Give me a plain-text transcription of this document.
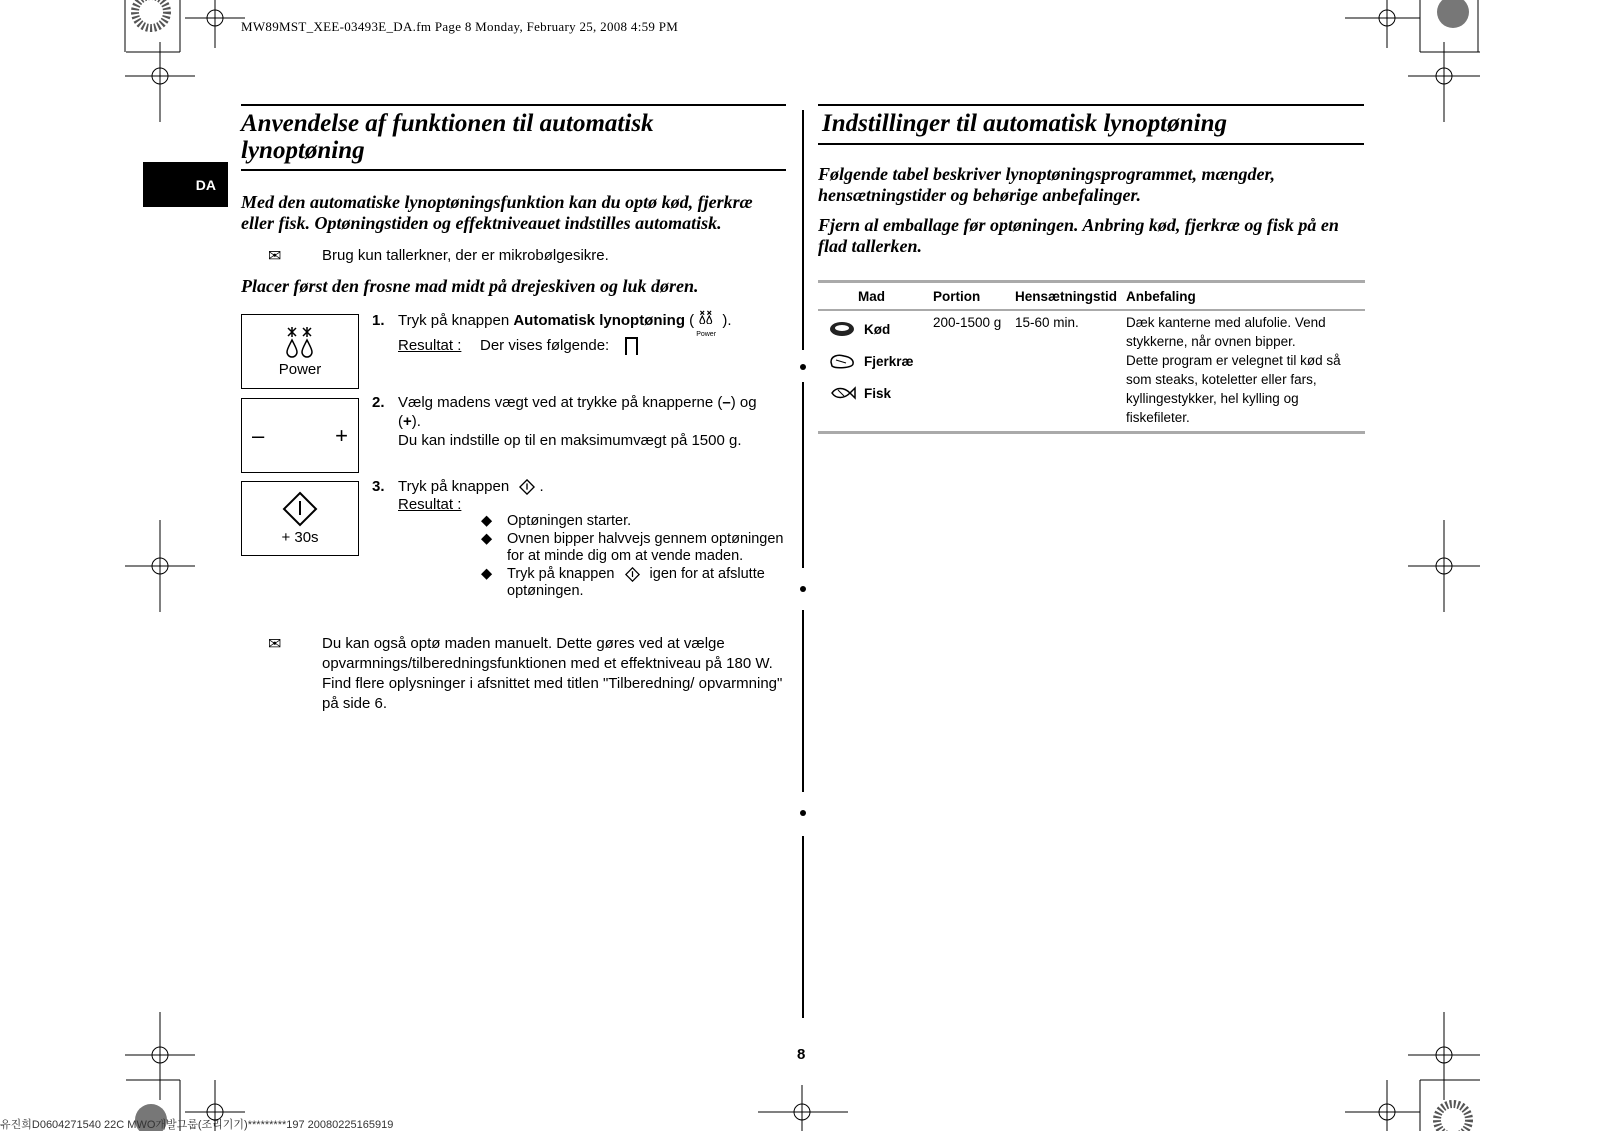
MW89MST_XEE-03493E_DA.fm Page 8 Monday, February 25, 2008 4:59 PM
DA
Anvendelse af funktionen til automatisk lynoptøning
Med den automatiske lynoptøningsfunktion kan du optø kød, fjerkræ eller fisk. Optøningstiden og effektniveauet indstilles automatisk.
✉	Brug kun tallerkner, der er mikrobølgesikre.
Placer først den frosne mad midt på drejeskiven og luk døren.
Power
–	+
+ 30s
1. Tryk på knappen Automatisk lynoptøning (
Power
).
Resultat : Der vises følgende:
2. Vælg madens vægt ved at trykke på knapperne (–) og
(+).
Du kan indstille op til en maksimumvægt på 1500 g.
3. Tryk på knappen .
Resultat :
◆	Optøningen starter.
◆	Ovnen bipper halvvejs gennem optøningen for at minde dig om at vende maden.
◆	Tryk på knappen igen for at afslutte optøningen.
✉	Du kan også optø maden manuelt. Dette gøres ved at vælge opvarmnings/tilberedningsfunktionen med et effektniveau på 180 W. Find flere oplysninger i afsnittet med titlen "Tilberedning/ opvarmning" på side 6.
Indstillinger til automatisk lynoptøning
Følgende tabel beskriver lynoptøningsprogrammet, mængder, hensætningstider og behørige anbefalinger.
Fjern al emballage før optøningen. Anbring kød, fjerkræ og fisk på en flad tallerken.
Mad	Portion	Hensætningstid Anbefaling
Kød
Fjerkræ
Fisk
200-1500 g	15-60 min.	Dæk kanterne med alufolie. Vend
stykkerne, når ovnen bipper.
Dette program er velegnet til kød så
som steaks, koteletter eller fars,
kyllingestykker, hel kylling og
fiskefileter.
8
유진희D0604271540 22C MWO개발그룹(조리기기)*********197 20080225165919
